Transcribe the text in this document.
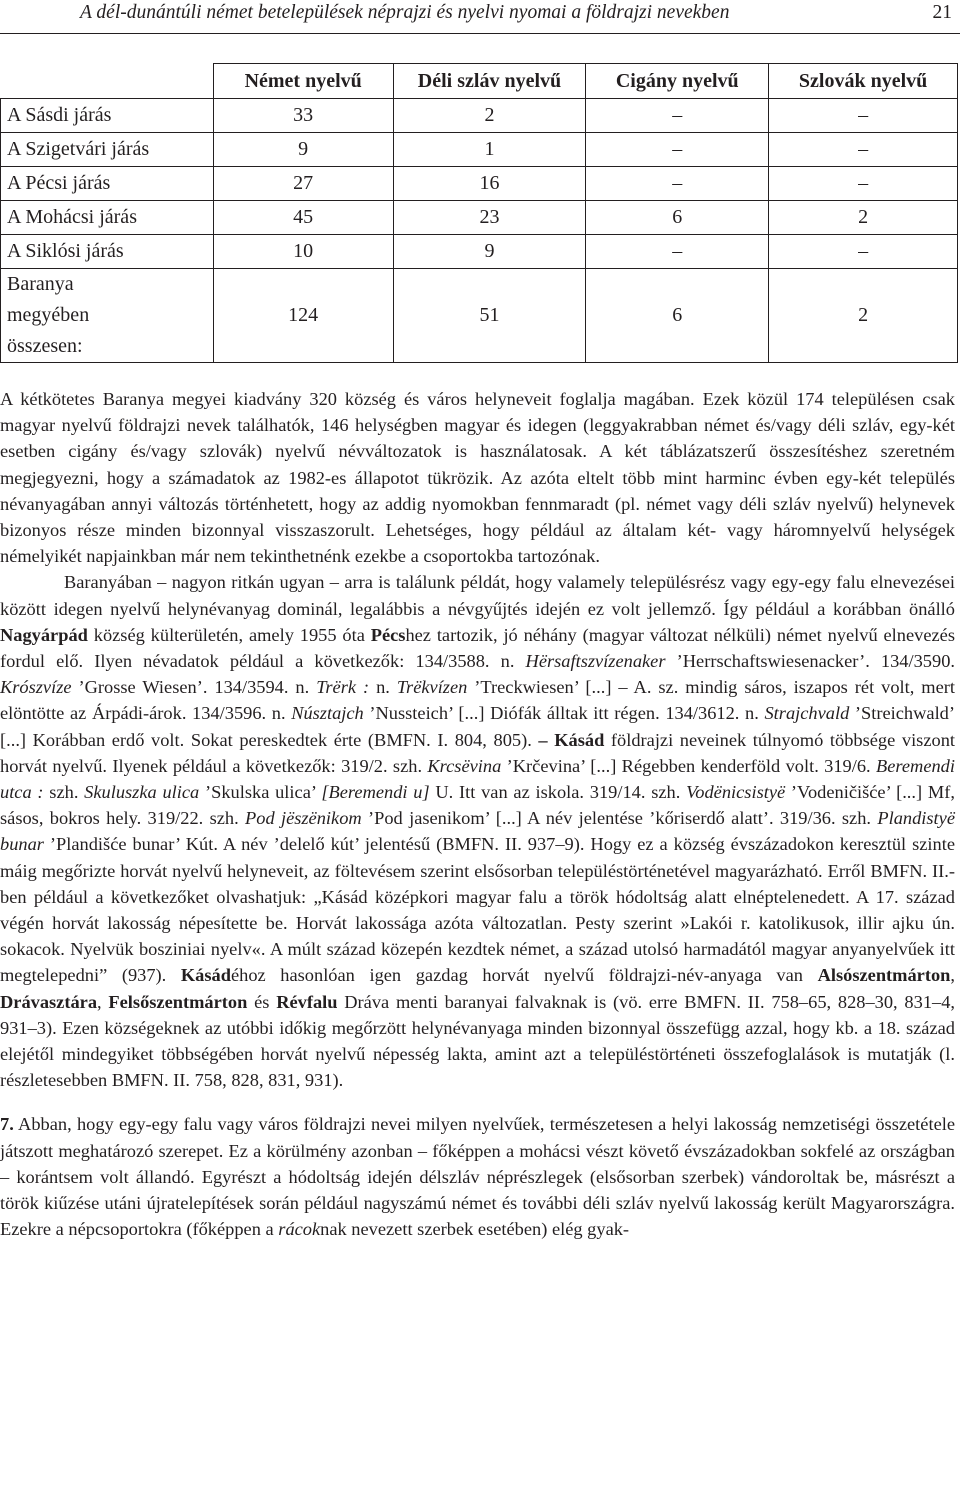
A dél-dunántúli német betelepülések néprajzi és nyelvi nyomai a földrajzi nevekben	21
	Német nyelvű	Déli szláv nyelvű	Cigány nyelvű	Szlovák nyelvű
A Sásdi járás	33	2	–	–
A Szigetvári járás	9	1	–	–
A Pécsi járás	27	16	–	–
A Mohácsi járás	45	23	6	2
A Siklósi járás	10	9	–	–
Baranya
megyében
összesen:	124	51	6	2

A kétkötetes Baranya megyei kiadvány 320 község és város helyneveit foglalja magában. Ezek közül 174 településen csak magyar nyelvű földrajzi nevek találhatók, 146 helységben magyar és idegen (leggyakrabban német és/vagy déli szláv, egy-két esetben cigány és/vagy szlovák) nyelvű névváltozatok is használatosak. A két táblázatszerű összesítéshez szeretném megjegyezni, hogy a számadatok az 1982-es állapotot tükrözik. Az azóta eltelt több mint harminc évben egy-két település névanyagában annyi változás történhetett, hogy az addig nyomokban fennmaradt (pl. német vagy déli szláv nyelvű) helynevek bizonyos része minden bizonnyal visszaszorult. Lehetséges, hogy például az általam két- vagy háromnyelvű helységek némelyikét napjainkban már nem tekinthetnénk ezekbe a csoportokba tartozónak.

Baranyában – nagyon ritkán ugyan – arra is találunk példát, hogy valamely településrész vagy egy-egy falu elnevezései között idegen nyelvű helynévanyag dominál, legalábbis a névgyűjtés idején ez volt jellemző. Így például a korábban önálló Nagyárpád község külterületén, amely 1955 óta Pécshez tartozik, jó néhány (magyar változat nélküli) német nyelvű elnevezés fordul elő. Ilyen névadatok például a következők: 134/3588. n. Hërsaftszvízenaker ’Herrschaftswiesenacker’. 134/3590. Krószvíze ’Grosse Wiesen’. 134/3594. n. Trërk : n. Trëkvízen ’Treckwiesen’ [...] – A. sz. mindig sáros, iszapos rét volt, mert elöntötte az Árpádi-árok. 134/3596. n. Núsztajch ’Nussteich’ [...] Diófák álltak itt régen. 134/3612. n. Strajchvald ’Streichwald’ [...] Korábban erdő volt. Sokat pereskedtek érte (BMFN. I. 804, 805). – Kásád földrajzi neveinek túlnyomó többsége viszont horvát nyelvű. Ilyenek például a következők: 319/2. szh. Krcsëvina ’Krčevina’ [...] Régebben kenderföld volt. 319/6. Beremendi utca : szh. Skuluszka ulica ’Skulska ulica’ [Beremendi u] U. Itt van az iskola. 319/14. szh. Vodënicsistyë ’Vodeničišće’ [...] Mf, sásos, bokros hely. 319/22. szh. Pod jëszënikom ’Pod jasenikom’ [...] A név jelentése ’kőriserdő alatt’. 319/36. szh. Plandistyë bunar ’Plandišće bunar’ Kút. A név ’delelő kút’ jelentésű (BMFN. II. 937–9). Hogy ez a község évszázadokon keresztül szinte máig megőrizte horvát nyelvű helyneveit, az föltevésem szerint elsősorban településtörténetével magyarázható. Erről BMFN. II.-ben például a következőket olvashatjuk: „Kásád középkori magyar falu a török hódoltság alatt elnéptelenedett. A 17. század végén horvát lakosság népesítette be. Horvát lakossága azóta változatlan. Pesty szerint »Lakói r. katolikusok, illir ajku ún. sokacok. Nyelvük bosziniai nyelv«. A múlt század közepén kezdtek német, a század utolsó harmadától magyar anyanyelvűek itt megtelepedni” (937). Kásádéhoz hasonlóan igen gazdag horvát nyelvű földrajzi-név-anyaga van Alsószentmárton, Drávasztára, Felsőszentmárton és Révfalu Dráva menti baranyai falvaknak is (vö. erre BMFN. II. 758–65, 828–30, 831–4, 931–3). Ezen községeknek az utóbbi időkig megőrzött helynévanyaga minden bizonnyal összefügg azzal, hogy kb. a 18. század elejétől mindegyiket többségében horvát nyelvű népesség lakta, amint azt a településtörténeti összefoglalások is mutatják (l. részletesebben BMFN. II. 758, 828, 831, 931).

7. Abban, hogy egy-egy falu vagy város földrajzi nevei milyen nyelvűek, természetesen a helyi lakosság nemzetiségi összetétele játszott meghatározó szerepet. Ez a körülmény azonban – főképpen a mohácsi vészt követő évszázadokban sokfelé az országban – korántsem volt állandó. Egyrészt a hódoltság idején délszláv néprészlegek (elsősorban szerbek) vándoroltak be, másrészt a török kiűzése utáni újratelepítések során például nagyszámú német és további déli szláv nyelvű lakosság került Magyarországra. Ezekre a népcsoportokra (főképpen a rácoknak nevezett szerbek esetében) elég gyak-
